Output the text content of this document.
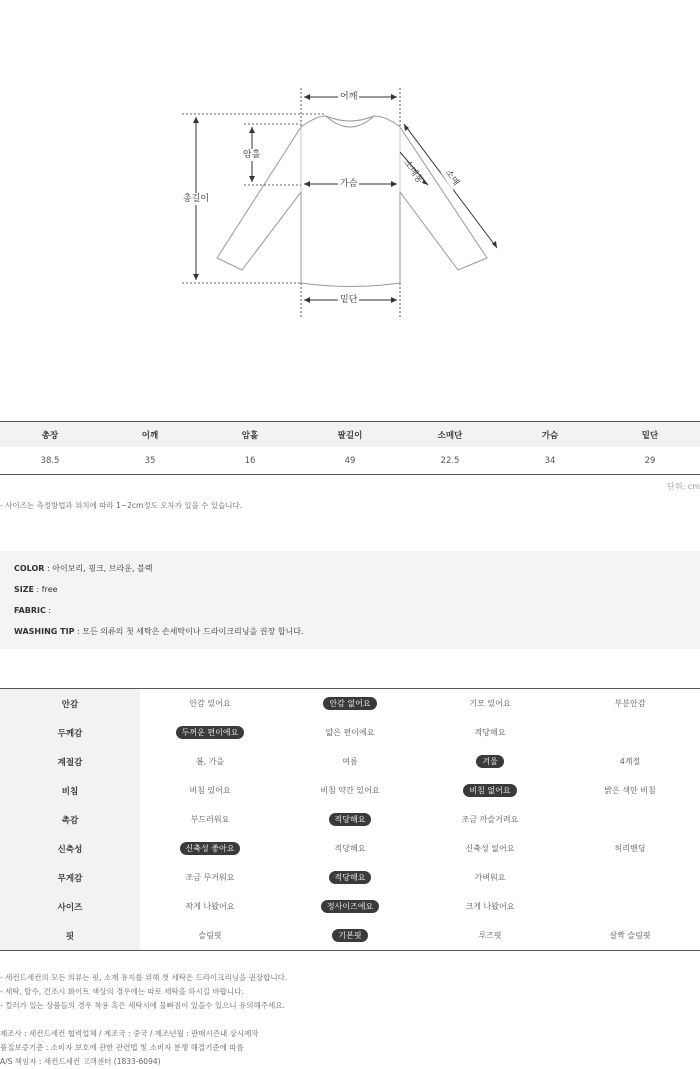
어깨
암홀
가슴
총길이
밑단
소매통 소매
총장	어깨	암홀	팔길이	소매단	가슴	밑단
38.5	35	16	49	22.5	34	29
단위: cm
- 사이즈는 측정방법과 위치에 따라 1~2cm정도 오차가 있을 수 있습니다.
COLOR : 아이보리, 핑크, 브라운, 블랙
SIZE : free
FABRIC :
WASHING TIP : 모든 의류의 첫 세탁은 손세탁이나 드라이크리닝을 권장 합니다.
안감	안감 있어요	안감 없어요	기모 있어요	부분안감
두께감	두꺼운 편이에요	얇은 편이에요	적당해요
계절감	봄, 가을	여름	겨울	4계절
비침	비침 있어요	비침 약간 있어요	비침 없어요	밝은 색만 비침
촉감	부드러워요	적당해요	조금 까슬거려요
신축성	신축성 좋아요	적당해요	신축성 없어요	허리밴딩
무게감	조금 무거워요	적당해요	가벼워요
사이즈	작게 나왔어요	정사이즈에요	크게 나왔어요
핏	슬림핏	기본핏	루즈핏	살짝 슬림핏
- 세컨드세컨의 모든 의류는 핏, 소재 유지를 위해 첫 세탁은 드라이크리닝을 권장합니다.
- 세탁, 탈수, 건조시 화이트 색상의 경우에는 따로 세탁을 하시길 바랍니다.
- 컬러가 있는 상품들의 경우 착용 혹은 세탁시에 물빠짐이 있을수 있으니 유의해주세요.
제조사 : 세컨드세컨 협력업체 / 제조국 : 중국 / 제조년월 : 판매시즌내 상시제작
품질보증기준 : 소비자 보호에 관한 관련법 및 소비자 분쟁 해결기준에 따름
A/S 책임자 : 세컨드세컨 고객센터 (1833-6094)
